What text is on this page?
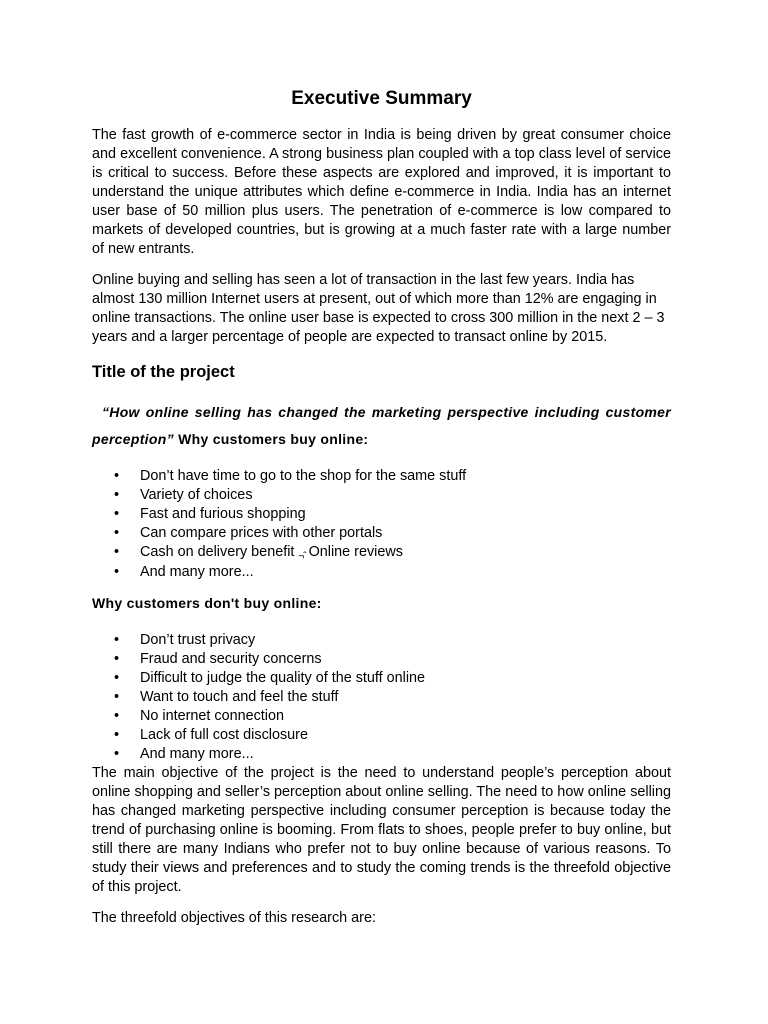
Executive Summary

The fast growth of e-commerce sector in India is being driven by great consumer choice and excellent convenience. A strong business plan coupled with a top class level of service is critical to success. Before these aspects are explored and improved, it is important to understand the unique attributes which define e-commerce in India. India has an internet user base of 50 million plus users. The penetration of e-commerce is low compared to markets of developed countries, but is growing at a much faster rate with a large number of new entrants.

Online buying and selling has seen a lot of transaction in the last few years. India has almost 130 million Internet users at present, out of which more than 12% are engaging in online transactions. The online user base is expected to cross 300 million in the next 2 – 3 years and a larger percentage of people are expected to transact online by 2015.

Title of the project

“How online selling has changed the marketing perspective including customer perception” Why customers buy online:

• Don’t have time to go to the shop for the same stuff
• Variety of choices
• Fast and furious shopping
• Can compare prices with other portals
• Cash on delivery benefit $_{\neg ˆ}$ Online reviews
• And many more...

Why customers don't buy online:

• Don’t trust privacy
• Fraud and security concerns
• Difficult to judge the quality of the stuff online
• Want to touch and feel the stuff
• No internet connection
• Lack of full cost disclosure
• And many more...

The main objective of the project is the need to understand people’s perception about online shopping and seller’s perception about online selling. The need to how online selling has changed marketing perspective including consumer perception is because today the trend of purchasing online is booming. From flats to shoes, people prefer to buy online, but still there are many Indians who prefer not to buy online because of various reasons. To study their views and preferences and to study the coming trends is the threefold objective of this project.

The threefold objectives of this research are:
